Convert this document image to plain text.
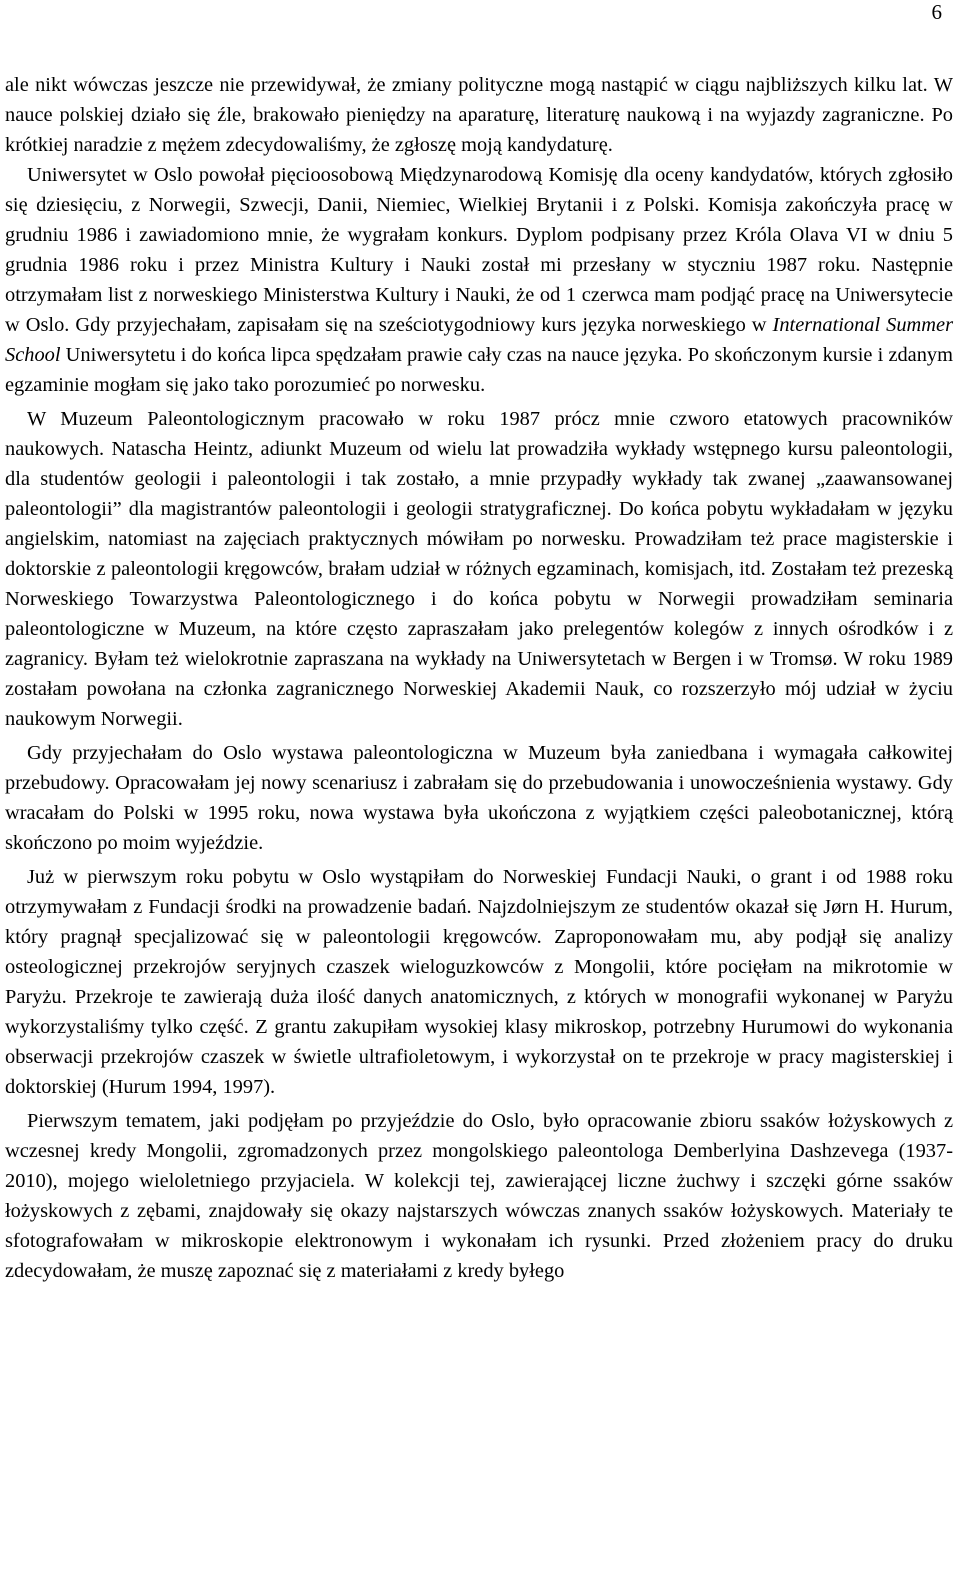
6

ale nikt wówczas jeszcze nie przewidywał, że zmiany polityczne mogą nastąpić w ciągu najbliższych kilku lat. W nauce polskiej działo się źle, brakowało pieniędzy na aparaturę, literaturę naukową i na wyjazdy zagraniczne. Po krótkiej naradzie z mężem zdecydowaliśmy, że zgłoszę moją kandydaturę.

Uniwersytet w Oslo powołał pięcioosobową Międzynarodową Komisję dla oceny kandydatów, których zgłosiło się dziesięciu, z Norwegii, Szwecji, Danii, Niemiec, Wielkiej Brytanii i z Polski. Komisja zakończyła pracę w grudniu 1986 i zawiadomiono mnie, że wygrałam konkurs. Dyplom podpisany przez Króla Olava VI w dniu 5 grudnia 1986 roku i przez Ministra Kultury i Nauki został mi przesłany w styczniu 1987 roku. Następnie otrzymałam list z norweskiego Ministerstwa Kultury i Nauki, że od 1 czerwca mam podjąć pracę na Uniwersytecie w Oslo. Gdy przyjechałam, zapisałam się na sześciotygodniowy kurs języka norweskiego w International Summer School Uniwersytetu i do końca lipca spędzałam prawie cały czas na nauce języka. Po skończonym kursie i zdanym egzaminie mogłam się jako tako porozumieć po norwesku.

W Muzeum Paleontologicznym pracowało w roku 1987 prócz mnie czworo etatowych pracowników naukowych. Natascha Heintz, adiunkt Muzeum od wielu lat prowadziła wykłady wstępnego kursu paleontologii, dla studentów geologii i paleontologii i tak zostało, a mnie przypadły wykłady tak zwanej „zaawansowanej paleontologii” dla magistrantów paleontologii i geologii stratygraficznej. Do końca pobytu wykładałam w języku angielskim, natomiast na zajęciach praktycznych mówiłam po norwesku. Prowadziłam też prace magisterskie i doktorskie z paleontologii kręgowców, brałam udział w różnych egzaminach, komisjach, itd. Zostałam też prezeską Norweskiego Towarzystwa Paleontologicznego i do końca pobytu w Norwegii prowadziłam seminaria paleontologiczne w Muzeum, na które często zapraszałam jako prelegentów kolegów z innych ośrodków i z zagranicy. Byłam też wielokrotnie zapraszana na wykłady na Uniwersytetach w Bergen i w Tromsø. W roku 1989 zostałam powołana na członka zagranicznego Norweskiej Akademii Nauk, co rozszerzyło mój udział w życiu naukowym Norwegii.

Gdy przyjechałam do Oslo wystawa paleontologiczna w Muzeum była zaniedbana i wymagała całkowitej przebudowy. Opracowałam jej nowy scenariusz i zabrałam się do przebudowania i unowocześnienia wystawy. Gdy wracałam do Polski w 1995 roku, nowa wystawa była ukończona z wyjątkiem części paleobotanicznej, którą skończono po moim wyjeździe.

Już w pierwszym roku pobytu w Oslo wystąpiłam do Norweskiej Fundacji Nauki, o grant i od 1988 roku otrzymywałam z Fundacji środki na prowadzenie badań. Najzdolniejszym ze studentów okazał się Jørn H. Hurum, który pragnął specjalizować się w paleontologii kręgowców. Zaproponowałam mu, aby podjął się analizy osteologicznej przekrojów seryjnych czaszek wieloguzkowców z Mongolii, które pocięłam na mikrotomie w Paryżu. Przekroje te zawierają duża ilość danych anatomicznych, z których w monografii wykonanej w Paryżu wykorzystaliśmy tylko część. Z grantu zakupiłam wysokiej klasy mikroskop, potrzebny Hurumowi do wykonania obserwacji przekrojów czaszek w świetle ultrafioletowym, i wykorzystał on te przekroje w pracy magisterskiej i doktorskiej (Hurum 1994, 1997).

Pierwszym tematem, jaki podjęłam po przyjeździe do Oslo, było opracowanie zbioru ssaków łożyskowych z wczesnej kredy Mongolii, zgromadzonych przez mongolskiego paleontologa Demberlyina Dashzevega (1937-2010), mojego wieloletniego przyjaciela. W kolekcji tej, zawierającej liczne żuchwy i szczęki górne ssaków łożyskowych z zębami, znajdowały się okazy najstarszych wówczas znanych ssaków łożyskowych. Materiały te sfotografowałam w mikroskopie elektronowym i wykonałam ich rysunki. Przed złożeniem pracy do druku zdecydowałam, że muszę zapoznać się z materiałami z kredy byłego
